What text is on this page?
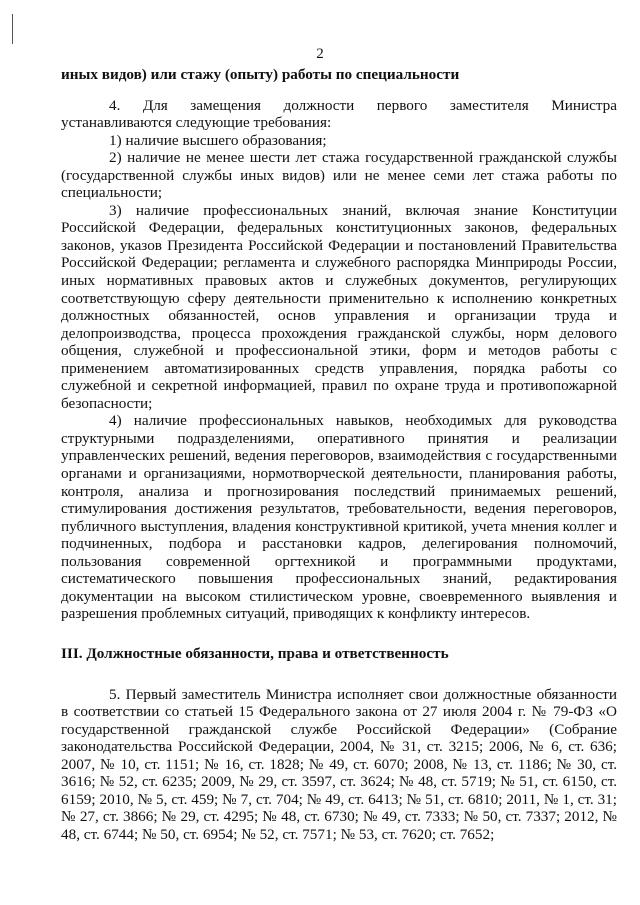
2

иных видов) или стажу (опыту) работы по специальности

4. Для замещения должности первого заместителя Министра устанавливаются следующие требования:

1) наличие высшего образования;

2) наличие не менее шести лет стажа государственной гражданской службы (государственной службы иных видов) или не менее семи лет стажа работы по специальности;

3) наличие профессиональных знаний, включая знание Конституции Российской Федерации, федеральных конституционных законов, федеральных законов, указов Президента Российской Федерации и постановлений Правительства Российской Федерации; регламента и служебного распорядка Минприроды России, иных нормативных правовых актов и служебных документов, регулирующих соответствующую сферу деятельности применительно к исполнению конкретных должностных обязанностей, основ управления и организации труда и делопроизводства, процесса прохождения гражданской службы, норм делового общения, служебной и профессиональной этики, форм и методов работы с применением автоматизированных средств управления, порядка работы со служебной и секретной информацией, правил по охране труда и противопожарной безопасности;

4) наличие профессиональных навыков, необходимых для руководства структурными подразделениями, оперативного принятия и реализации управленческих решений, ведения переговоров, взаимодействия с государственными органами и организациями, нормотворческой деятельности, планирования работы, контроля, анализа и прогнозирования последствий принимаемых решений, стимулирования достижения результатов, требовательности, ведения переговоров, публичного выступления, владения конструктивной критикой, учета мнения коллег и подчиненных, подбора и расстановки кадров, делегирования полномочий, пользования современной оргтехникой и программными продуктами, систематического повышения профессиональных знаний, редактирования документации на высоком стилистическом уровне, своевременного выявления и разрешения проблемных ситуаций, приводящих к конфликту интересов.

III. Должностные обязанности, права и ответственность

5. Первый заместитель Министра исполняет свои должностные обязанности в соответствии со статьей 15 Федерального закона от 27 июля 2004 г. № 79-ФЗ «О государственной гражданской службе Российской Федерации» (Собрание законодательства Российской Федерации, 2004, № 31, ст. 3215; 2006, № 6, ст. 636; 2007, № 10, ст. 1151; № 16, ст. 1828; № 49, ст. 6070; 2008, № 13, ст. 1186; № 30, ст. 3616; № 52, ст. 6235; 2009, № 29, ст. 3597, ст. 3624; № 48, ст. 5719; № 51, ст. 6150, ст. 6159; 2010, № 5, ст. 459; № 7, ст. 704; № 49, ст. 6413; № 51, ст. 6810; 2011, № 1, ст. 31; № 27, ст. 3866; № 29, ст. 4295; № 48, ст. 6730; № 49, ст. 7333; № 50, ст. 7337; 2012, № 48, ст. 6744; № 50, ст. 6954; № 52, ст. 7571; № 53, ст. 7620; ст. 7652;
